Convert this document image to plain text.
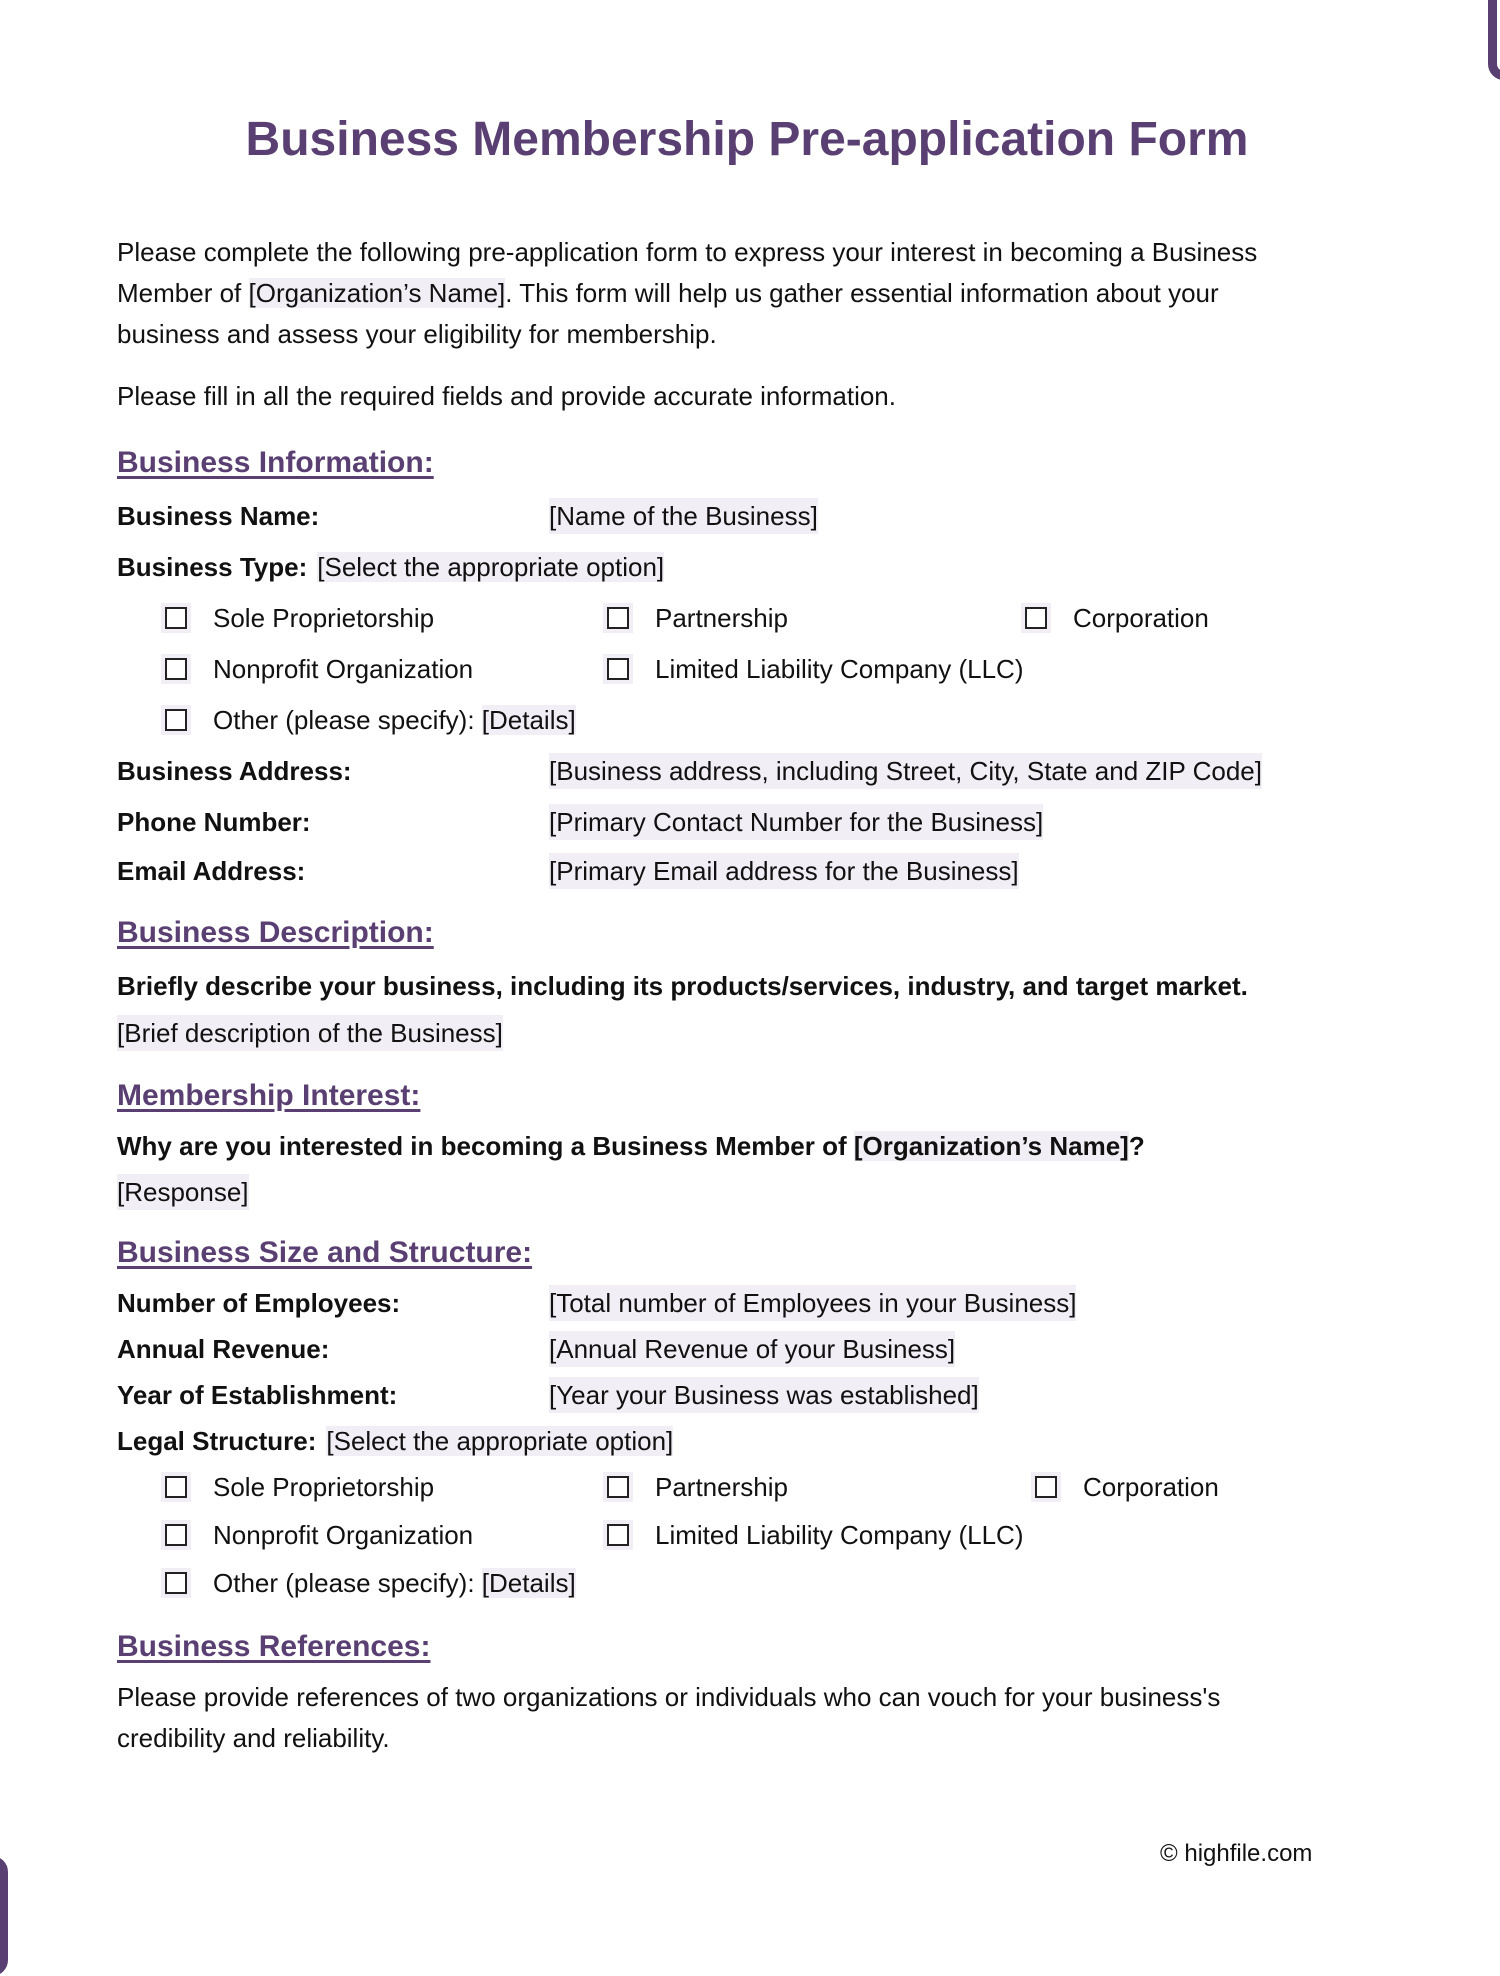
Business Membership Pre-application Form

Please complete the following pre-application form to express your interest in becoming a Business Member of [Organization’s Name]. This form will help us gather essential information about your business and assess your eligibility for membership.

Please fill in all the required fields and provide accurate information.

Business Information:
Business Name:	[Name of the Business]
Business Type: [Select the appropriate option]
Sole Proprietorship	Partnership	Corporation
Nonprofit Organization	Limited Liability Company (LLC)
Other (please specify): [Details]
Business Address:	[Business address, including Street, City, State and ZIP Code]
Phone Number:	[Primary Contact Number for the Business]
Email Address:	[Primary Email address for the Business]
Business Description:
Briefly describe your business, including its products/services, industry, and target market.
[Brief description of the Business]
Membership Interest:
Why are you interested in becoming a Business Member of [Organization’s Name]?
[Response]
Business Size and Structure:
Number of Employees:	[Total number of Employees in your Business]
Annual Revenue:	[Annual Revenue of your Business]
Year of Establishment:	[Year your Business was established]
Legal Structure: [Select the appropriate option]
Sole Proprietorship	Partnership	Corporation
Nonprofit Organization	Limited Liability Company (LLC)
Other (please specify): [Details]
Business References:

Please provide references of two organizations or individuals who can vouch for your business's credibility and reliability.

© highfile.com
